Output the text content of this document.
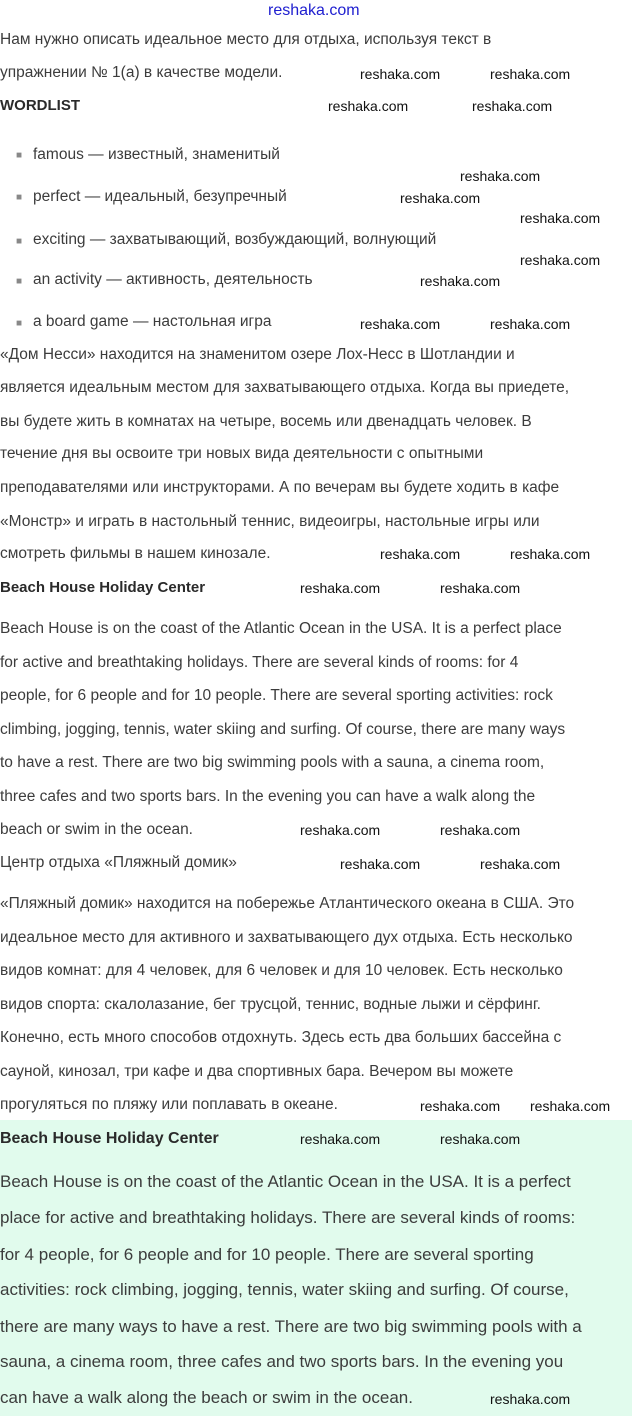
reshaka.com
Нам нужно описать идеальное место для отдыха, используя текст в
упражнении № 1(а) в качестве модели.
WORDLIST
■ famous — известный, знаменитый
■ perfect — идеальный, безупречный
■ exciting — захватывающий, возбуждающий, волнующий
■ an activity — активность, деятельность
■ a board game — настольная игра
«Дом Несси» находится на знаменитом озере Лох-Несс в Шотландии и
является идеальным местом для захватывающего отдыха. Когда вы приедете,
вы будете жить в комнатах на четыре, восемь или двенадцать человек. В
течение дня вы освоите три новых вида деятельности с опытными
преподавателями или инструкторами. А по вечерам вы будете ходить в кафе
«Монстр» и играть в настольный теннис, видеоигры, настольные игры или
смотреть фильмы в нашем кинозале.
Beach House Holiday Center
Beach House is on the coast of the Atlantic Ocean in the USA. It is a perfect place
for active and breathtaking holidays. There are several kinds of rooms: for 4
people, for 6 people and for 10 people. There are several sporting activities: rock
climbing, jogging, tennis, water skiing and surfing. Of course, there are many ways
to have a rest. There are two big swimming pools with a sauna, a cinema room,
three cafes and two sports bars. In the evening you can have a walk along the
beach or swim in the ocean.
Центр отдыха «Пляжный домик»
«Пляжный домик» находится на побережье Атлантического океана в США. Это
идеальное место для активного и захватывающего дух отдыха. Есть несколько
видов комнат: для 4 человек, для 6 человек и для 10 человек. Есть несколько
видов спорта: скалолазание, бег трусцой, теннис, водные лыжи и сёрфинг.
Конечно, есть много способов отдохнуть. Здесь есть два больших бассейна с
сауной, кинозал, три кафе и два спортивных бара. Вечером вы можете
прогуляться по пляжу или поплавать в океане.
Beach House Holiday Center
Beach House is on the coast of the Atlantic Ocean in the USA. It is a perfect
place for active and breathtaking holidays. There are several kinds of rooms:
for 4 people, for 6 people and for 10 people. There are several sporting
activities: rock climbing, jogging, tennis, water skiing and surfing. Of course,
there are many ways to have a rest. There are two big swimming pools with a
sauna, a cinema room, three cafes and two sports bars. In the evening you
can have a walk along the beach or swim in the ocean.
reshaka.com	reshaka.com
reshaka.com	reshaka.com
reshaka.com
reshaka.com
reshaka.com
reshaka.com
reshaka.com
reshaka.com	reshaka.com
reshaka.com	reshaka.com
reshaka.com	reshaka.com
reshaka.com	reshaka.com
reshaka.com	reshaka.com
reshaka.com reshaka.com
reshaka.com	reshaka.com
reshaka.com
